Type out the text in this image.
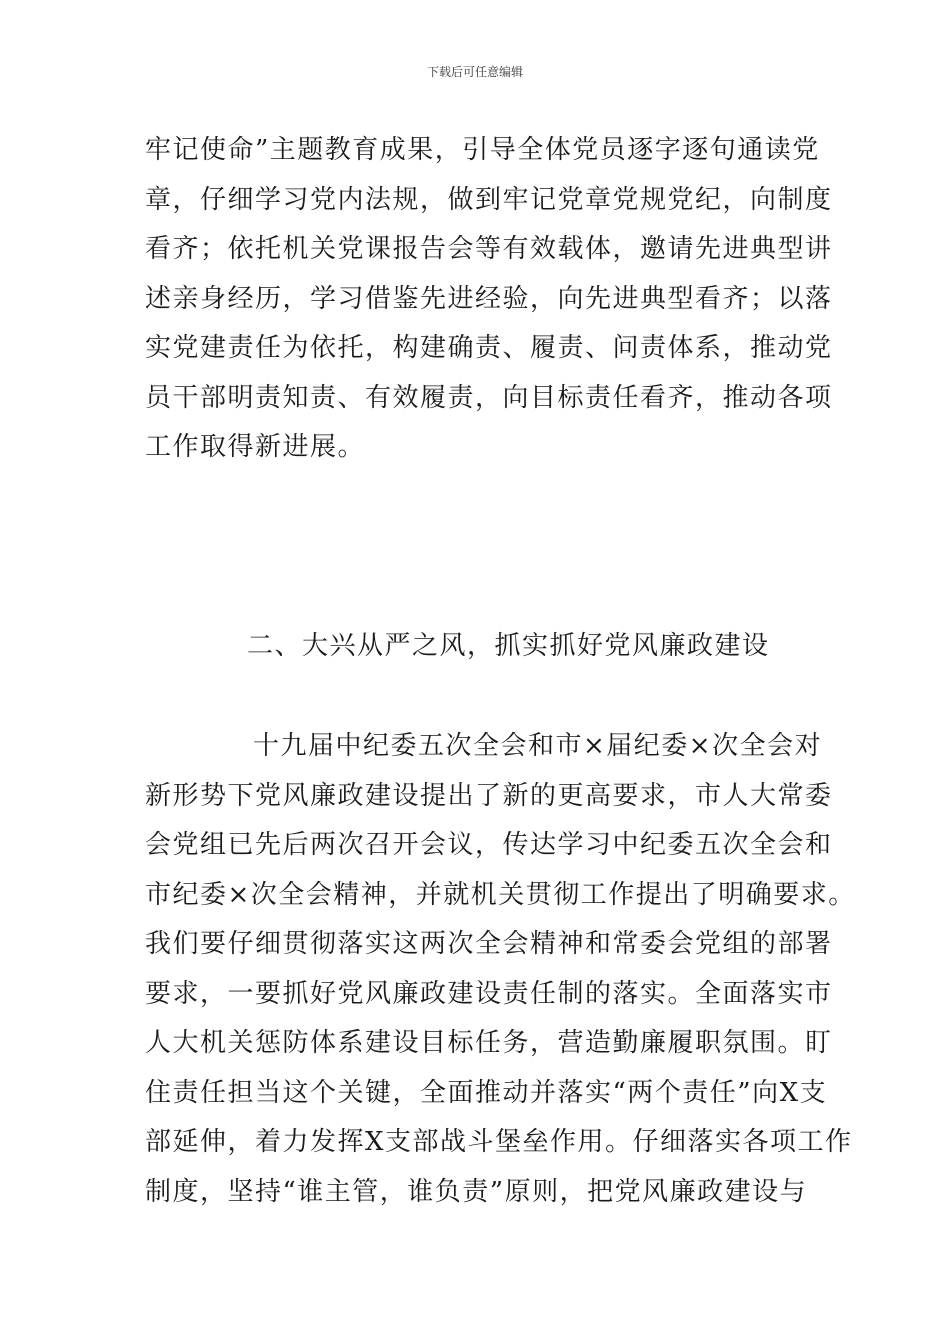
下载后可任意编辑
牢记使命”主题教育成果，引导全体党员逐字逐句通读党
章，仔细学习党内法规，做到牢记党章党规党纪，向制度
看齐；依托机关党课报告会等有效载体，邀请先进典型讲
述亲身经历，学习借鉴先进经验，向先进典型看齐；以落
实党建责任为依托，构建确责、履责、问责体系，推动党
员干部明责知责、有效履责，向目标责任看齐，推动各项
工作取得新进展。
二、大兴从严之风，抓实抓好党风廉政建设
十九届中纪委五次全会和市×届纪委×次全会对
新形势下党风廉政建设提出了新的更高要求，市人大常委
会党组已先后两次召开会议，传达学习中纪委五次全会和
市纪委×次全会精神，并就机关贯彻工作提出了明确要求。
我们要仔细贯彻落实这两次全会精神和常委会党组的部署
要求，一要抓好党风廉政建设责任制的落实。全面落实市
人大机关惩防体系建设目标任务，营造勤廉履职氛围。盯
住责任担当这个关键，全面推动并落实“两个责任”向X支
部延伸，着力发挥X支部战斗堡垒作用。仔细落实各项工作
制度，坚持“谁主管，谁负责”原则，把党风廉政建设与
